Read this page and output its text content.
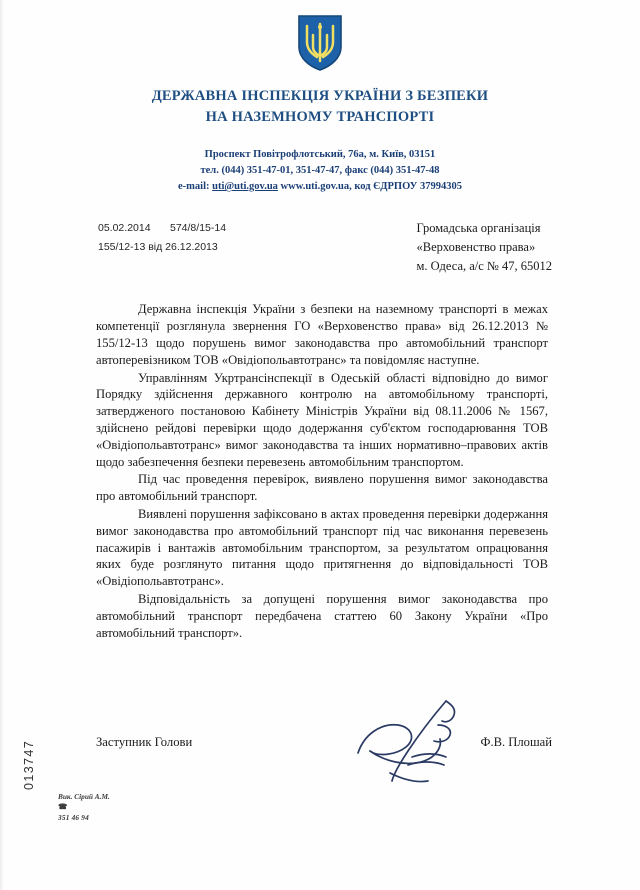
ДЕРЖАВНА ІНСПЕКЦІЯ УКРАЇНИ З БЕЗПЕКИ
НА НАЗЕМНОМУ ТРАНСПОРТІ
Проспект Повітрофлотський, 76а, м. Київ, 03151
тел. (044) 351-47-01, 351-47-47, факс (044) 351-47-48
e-mail: uti@uti.gov.ua www.uti.gov.ua, код ЄДРПОУ 37994305
05.02.2014 574/8/15-14
155/12-13 від 26.12.2013
Громадська організація
«Верховенство права»
м. Одеса, а/с № 47, 65012

Державна інспекція України з безпеки на наземному транспорті в межах компетенції розглянула звернення ГО «Верховенство права» від 26.12.2013 № 155/12-13 щодо порушень вимог законодавства про автомобільний транспорт автоперевізником ТОВ «Овідіопольавтотранс» та повідомляє наступне.

Управлінням Укртрансінспекції в Одеській області відповідно до вимог Порядку здійснення державного контролю на автомобільному транспорті, затвердженого постановою Кабінету Міністрів України від 08.11.2006 № 1567, здійснено рейдові перевірки щодо додержання суб'єктом господарювання ТОВ «Овідіопольавтотранс» вимог законодавства та інших нормативно–правових актів щодо забезпечення безпеки перевезень автомобільним транспортом.

Під час проведення перевірок, виявлено порушення вимог законодавства про автомобільний транспорт.

Виявлені порушення зафіксовано в актах проведення перевірки додержання вимог законодавства про автомобільний транспорт під час виконання перевезень пасажирів і вантажів автомобільним транспортом, за результатом опрацювання яких буде розглянуто питання щодо притягнення до відповідальності ТОВ «Овідіопольавтотранс».

Відповідальність за допущені порушення вимог законодавства про автомобільний транспорт передбачена статтею 60 Закону України «Про автомобільний транспорт».

Заступник Голови	Ф.В. Плошай
Вик. Сірий А.М.
☎
351 46 94
013747
